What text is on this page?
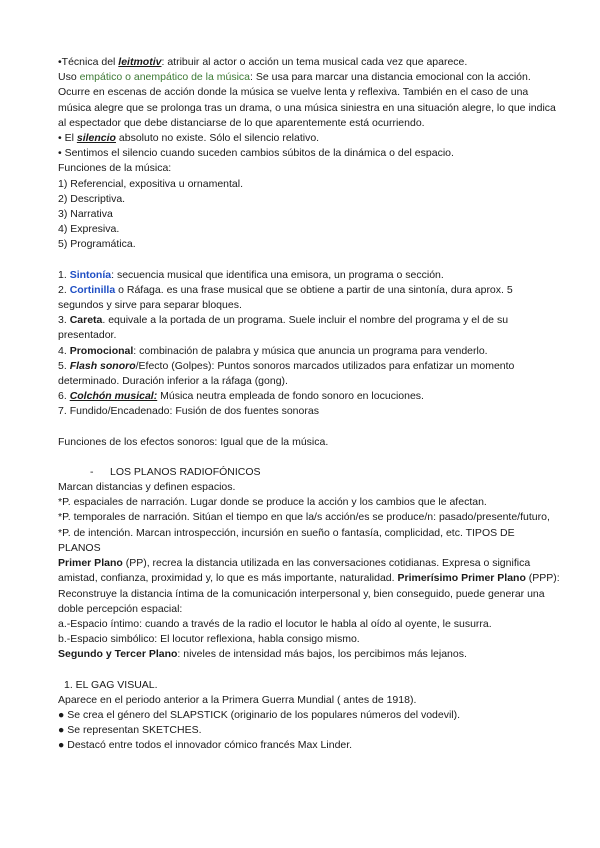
•Técnica del leitmotiv: atribuir al actor o acción un tema musical cada vez que aparece.

Uso empático o anempático de la música: Se usa para marcar una distancia emocional con la acción. Ocurre en escenas de acción donde la música se vuelve lenta y reflexiva. También en el caso de una música alegre que se prolonga tras un drama, o una música siniestra en una situación alegre, lo que indica al espectador que debe distanciarse de lo que aparentemente está ocurriendo.

• El silencio absoluto no existe. Sólo el silencio relativo.

• Sentimos el silencio cuando suceden cambios súbitos de la dinámica o del espacio.

Funciones de la música:

1) Referencial, expositiva u ornamental.

2) Descriptiva.

3) Narrativa

4) Expresiva.

5) Programática.

1. Sintonía: secuencia musical que identifica una emisora, un programa o sección.

2. Cortinilla o Ráfaga. es una frase musical que se obtiene a partir de una sintonía, dura aprox. 5 segundos y sirve para separar bloques.

3. Careta. equivale a la portada de un programa. Suele incluir el nombre del programa y el de su presentador.

4. Promocional: combinación de palabra y música que anuncia un programa para venderlo.

5. Flash sonoro/Efecto (Golpes): Puntos sonoros marcados utilizados para enfatizar un momento determinado. Duración inferior a la ráfaga (gong).

6. Colchón musical: Música neutra empleada de fondo sonoro en locuciones.

7. Fundido/Encadenado: Fusión de dos fuentes sonoras

Funciones de los efectos sonoros: Igual que de la música.

- LOS PLANOS RADIOFÓNICOS

Marcan distancias y definen espacios.

*P. espaciales de narración. Lugar donde se produce la acción y los cambios que le afectan.

*P. temporales de narración. Sitúan el tiempo en que la/s acción/es se produce/n: pasado/presente/futuro,

*P. de intención. Marcan introspección, incursión en sueño o fantasía, complicidad, etc. TIPOS DE PLANOS

Primer Plano (PP), recrea la distancia utilizada en las conversaciones cotidianas. Expresa o significa amistad, confianza, proximidad y, lo que es más importante, naturalidad. Primerísimo Primer Plano (PPP): Reconstruye la distancia íntima de la comunicación interpersonal y, bien conseguido, puede generar una doble percepción espacial:

a.-Espacio íntimo: cuando a través de la radio el locutor le habla al oído al oyente, le susurra.

b.-Espacio simbólico: El locutor reflexiona, habla consigo mismo.

Segundo y Tercer Plano: niveles de intensidad más bajos, los percibimos más lejanos.

1. EL GAG VISUAL.

Aparece en el periodo anterior a la Primera Guerra Mundial ( antes de 1918).

● Se crea el género del SLAPSTICK (originario de los populares números del vodevil).

● Se representan SKETCHES.

● Destacó entre todos el innovador cómico francés Max Linder.
